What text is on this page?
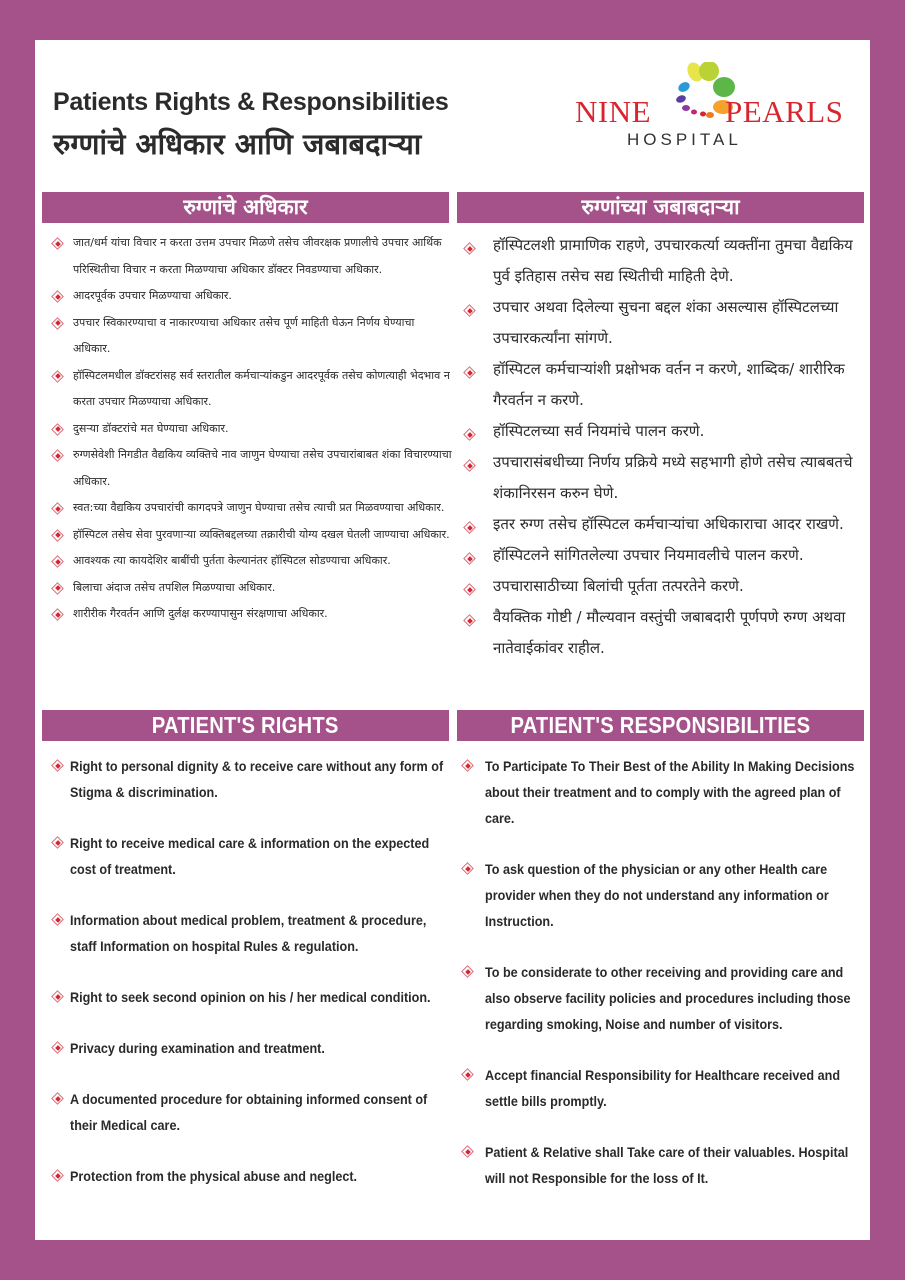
Patients Rights & Responsibilities
रुग्णांचे अधिकार आणि जबाबदाऱ्या
NINE PEARLS
HOSPITAL
रुग्णांचे अधिकार	रुग्णांच्या जबाबदाऱ्या
जात/धर्म यांचा विचार न करता उत्तम उपचार मिळणे तसेच जीवरक्षक प्रणालीचे उपचार आर्थिक परिस्थितीचा विचार न करता मिळण्याचा अधिकार डॉक्टर निवडण्याचा अधिकार.
आदरपूर्वक उपचार मिळण्याचा अधिकार.
उपचार स्विकारण्याचा व नाकारण्याचा अधिकार तसेच पूर्ण माहिती घेऊन निर्णय घेण्याचा अधिकार.
हॉस्पिटलमधील डॉक्टरांसह सर्व स्तरातील कर्मचाऱ्यांकडुन आदरपूर्वक तसेच कोणत्याही भेदभाव न करता उपचार मिळण्याचा अधिकार.
दुसऱ्या डॉक्टरांचे मत घेण्याचा अधिकार.
रुग्णसेवेशी निगडीत वैद्यकिय व्यक्तिचे नाव जाणुन घेण्याचा तसेच उपचारांबाबत शंका विचारण्याचा अधिकार.
स्वत:च्या वैद्यकिय उपचारांची कागदपत्रे जाणुन घेण्याचा तसेच त्याची प्रत मिळवण्याचा अधिकार.
हॉस्पिटल तसेच सेवा पुरवणाऱ्या व्यक्तिबद्दलच्या तक्रारीची योग्य दखल घेतली जाण्याचा अधिकार.
आवश्यक त्या कायदेशिर बाबींची पुर्तता केल्यानंतर हॉस्पिटल सोडण्याचा अधिकार.
बिलाचा अंदाज तसेच तपशिल मिळण्याचा अधिकार.
शारीरीक गैरवर्तन आणि दुर्लक्ष करण्यापासुन संरक्षणाचा अधिकार.
हॉस्पिटलशी प्रामाणिक राहणे, उपचारकर्त्या व्यक्तींना तुमचा वैद्यकिय पुर्व इतिहास तसेच सद्य स्थितीची माहिती देणे.
उपचार अथवा दिलेल्या सुचना बद्दल शंका असल्यास हॉस्पिटलच्या उपचारकर्त्यांना सांगणे.
हॉस्पिटल कर्मचाऱ्यांशी प्रक्षोभक वर्तन न करणे, शाब्दिक/ शारीरिक गैरवर्तन न करणे.
हॉस्पिटलच्या सर्व नियमांचे पालन करणे.
उपचारासंबधीच्या निर्णय प्रक्रिये मध्ये सहभागी होणे तसेच त्याबबतचे शंकानिरसन करुन घेणे.
इतर रुग्ण तसेच हॉस्पिटल कर्मचाऱ्यांचा अधिकाराचा आदर राखणे.
हॉस्पिटलने सांगितलेल्या उपचार नियमावलीचे पालन करणे.
उपचारासाठीच्या बिलांची पूर्तता तत्परतेने करणे.
वैयक्तिक गोष्टी / मौल्यवान वस्तुंची जबाबदारी पूर्णपणे रुग्ण अथवा नातेवाईकांवर राहील.
PATIENT'S RIGHTS	PATIENT'S RESPONSIBILITIES
Right to personal dignity & to receive care without any form of Stigma & discrimination.
Right to receive medical care & information on the expected cost of treatment.
Information about medical problem, treatment & procedure, staff Information on hospital Rules & regulation.
Right to seek second opinion on his / her medical condition.
Privacy during examination and treatment.
A documented procedure for obtaining informed consent of their Medical care.
Protection from the physical abuse and neglect.
To Participate To Their Best of the Ability In Making Decisions about their treatment and to comply with the agreed plan of care.
To ask question of the physician or any other Health care provider when they do not understand any information or Instruction.
To be considerate to other receiving and providing care and also observe facility policies and procedures including those regarding smoking, Noise and number of visitors.
Accept financial Responsibility for Healthcare received and settle bills promptly.
Patient & Relative shall Take care of their valuables. Hospital will not Responsible for the loss of It.
